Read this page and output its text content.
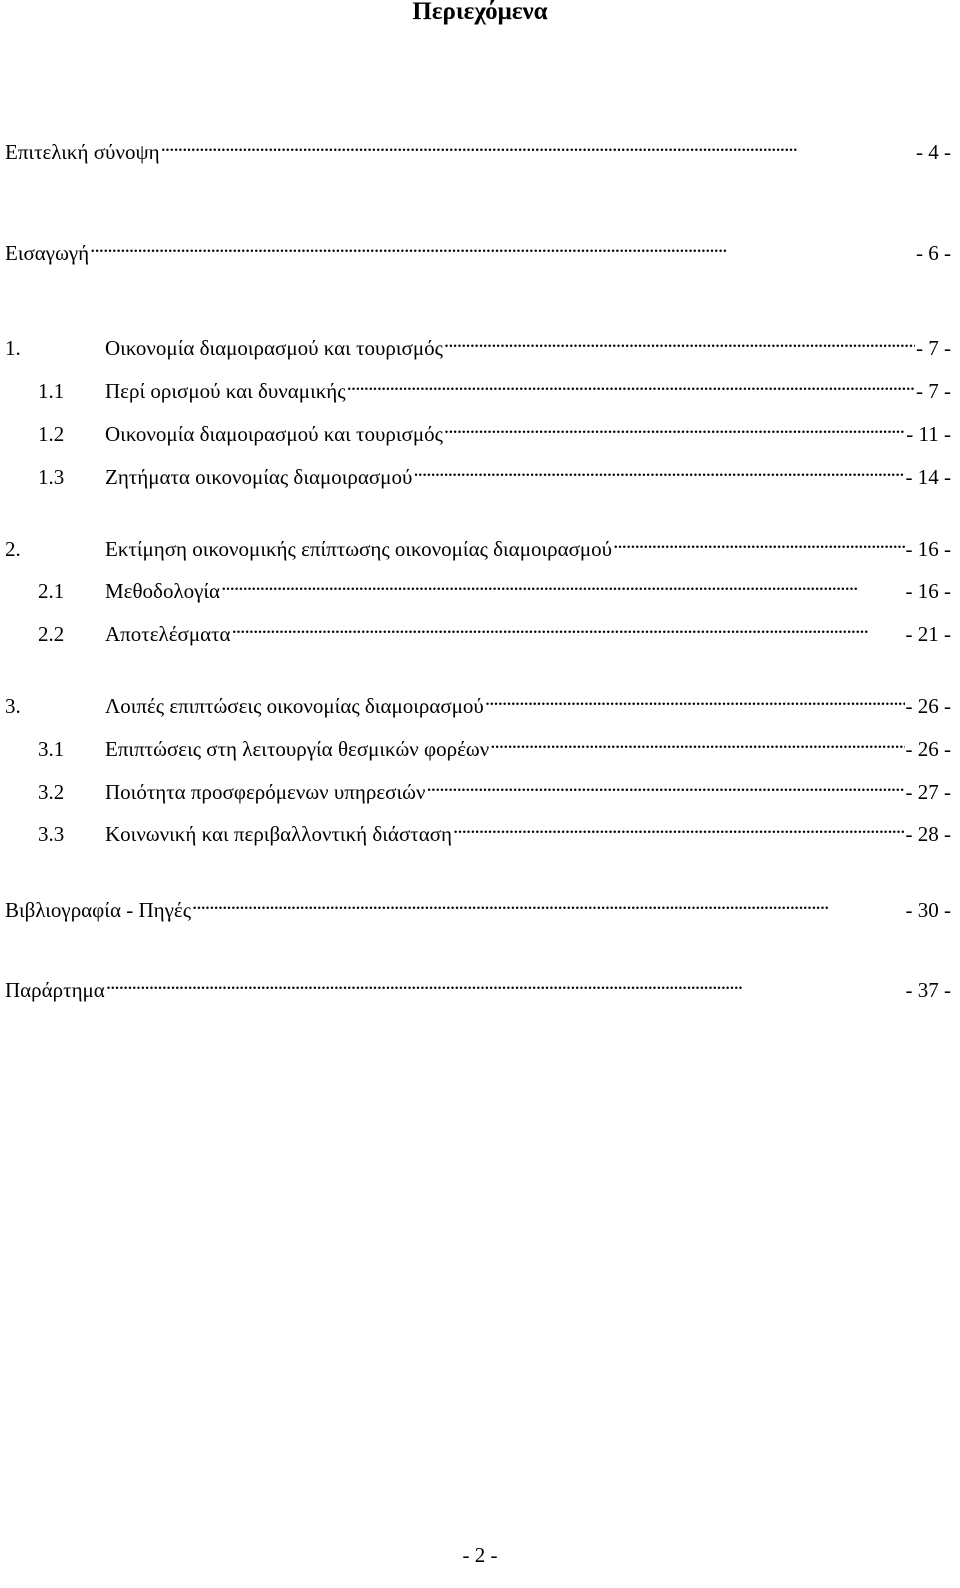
Περιεχόμενα
Επιτελική σύνοψη . . .	- 4 -
Εισαγωγή . . .	- 6 -
1.	Οικονομία διαμοιρασμού και τουρισμός . . .	- 7 -
1.1	Περί ορισμού και δυναμικής . . .	- 7 -
1.2	Οικονομία διαμοιρασμού και τουρισμός . . .	- 11 -
1.3	Ζητήματα οικονομίας διαμοιρασμού . . .	- 14 -
2.	Εκτίμηση οικονομικής επίπτωσης οικονομίας διαμοιρασμού . . .	- 16 -
2.1	Μεθοδολογία . . .	- 16 -
2.2	Αποτελέσματα . . .	- 21 -
3.	Λοιπές επιπτώσεις οικονομίας διαμοιρασμού . . .	- 26 -
3.1	Επιπτώσεις στη λειτουργία θεσμικών φορέων . . .	- 26 -
3.2	Ποιότητα προσφερόμενων υπηρεσιών . . .	- 27 -
3.3	Κοινωνική και περιβαλλοντική διάσταση . . .	- 28 -
Βιβλιογραφία - Πηγές . . .	- 30 -
Παράρτημα . . .	- 37 -
- 2 -
